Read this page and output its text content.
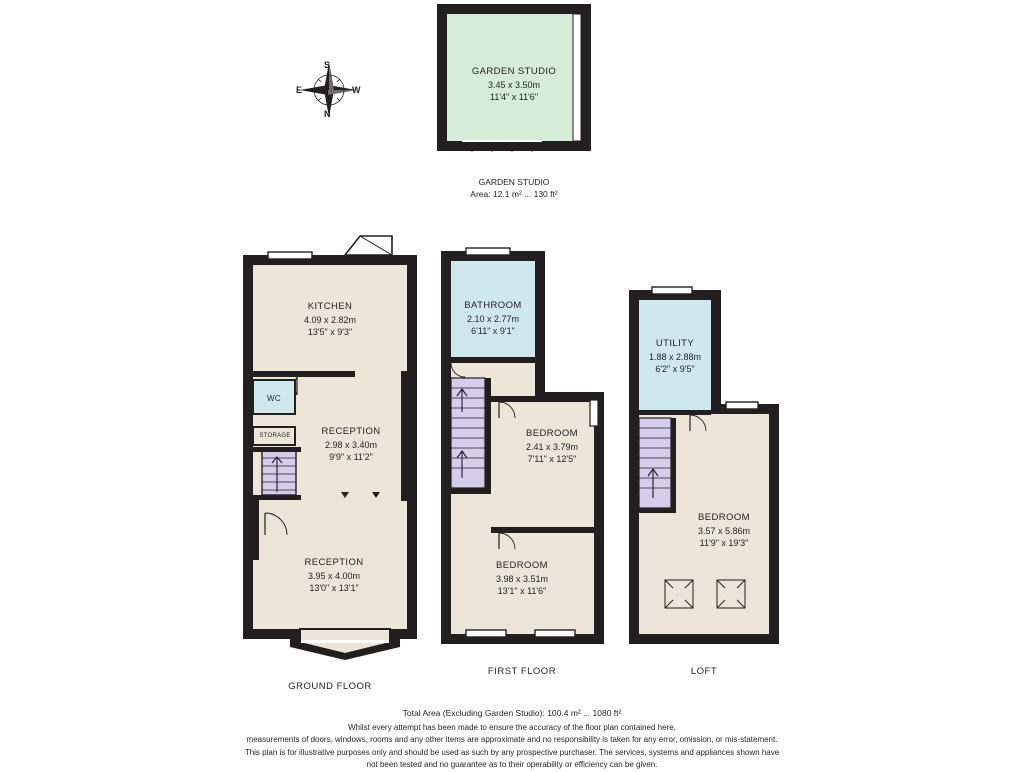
S
N
E	W
GARDEN STUDIO
3.45 x 3.50m
11'4" x 11'6"
GARDEN STUDIO
Area: 12.1 m² ... 130 ft²
KITCHEN
4.09 x 2.82m
13'5" x 9'3"
RECEPTION
2.98 x 3.40m
9'9" x 11'2"
RECEPTION
3.95 x 4.00m
13'0" x 13'1"
WC
STORAGE
GROUND FLOOR
BATHROOM
2.10 x 2.77m
6'11" x 9'1"
BEDROOM
2.41 x 3.79m
7'11" x 12'5"
BEDROOM
3.98 x 3.51m
13'1" x 11'6"
FIRST FLOOR
UTILITY
1.88 x 2.88m
6'2" x 9'5"
BEDROOM
3.57 x 5.86m
11'9" x 19'3"
LOFT
Total Area (Excluding Garden Studio): 100.4 m² ... 1080 ft²
Whilst every attempt has been made to ensure the accuracy of the floor plan contained here,
measurements of doors, windows, rooms and any other items are approximate and no responsibility is taken for any error, omission, or mis-statement.
This plan is for illustrative purposes only and should be used as such by any prospective purchaser. The services, systems and appliances shown have
not been tested and no guarantee as to their operability or efficiency can be given.
